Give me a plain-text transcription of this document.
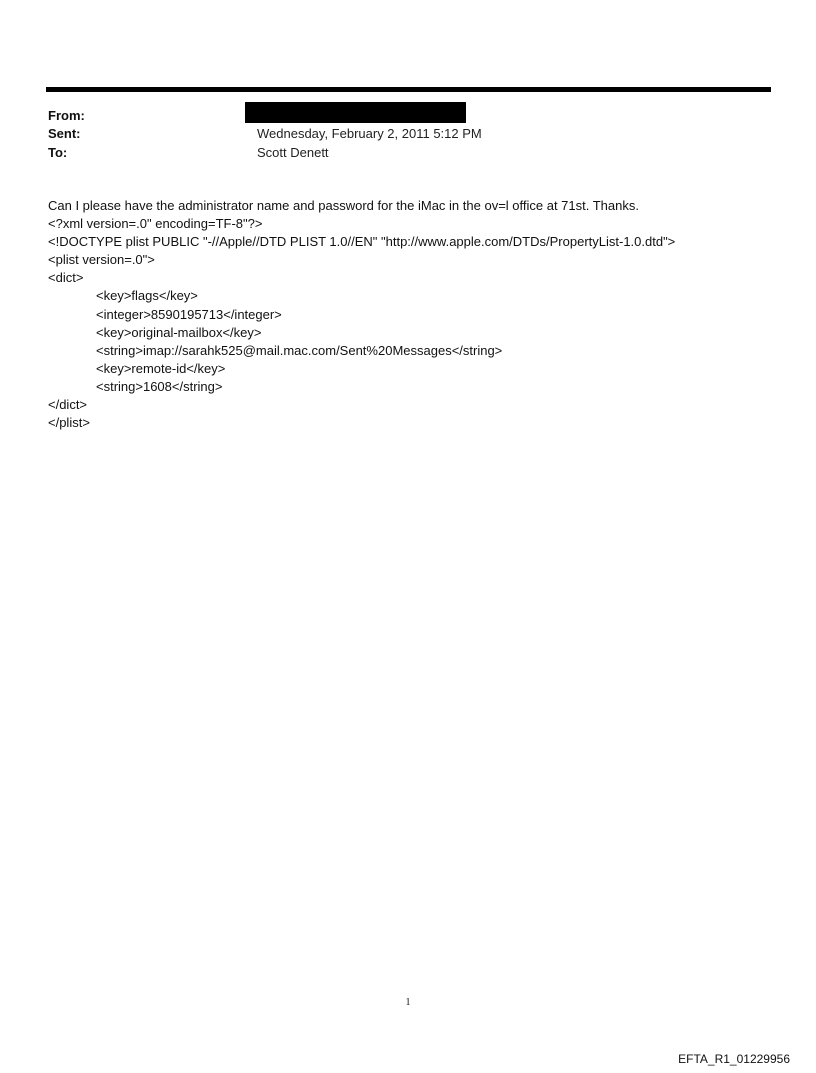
From:
Sent:	Wednesday, February 2, 2011 5:12 PM
To:	Scott Denett
Can I please have the administrator name and password for the iMac in the ov=l office at 71st. Thanks.
<?xml version=.0" encoding=TF-8"?>
<!DOCTYPE plist PUBLIC "-//Apple//DTD PLIST 1.0//EN" "http://www.apple.com/DTDs/PropertyList-1.0.dtd">
<plist version=.0">
<dict>
<key>flags</key>
<integer>8590195713</integer>
<key>original-mailbox</key>
<string>imap://sarahk525@mail.mac.com/Sent%20Messages</string>
<key>remote-id</key>
<string>1608</string>
</dict>
</plist>
1
EFTA_R1_01229956
